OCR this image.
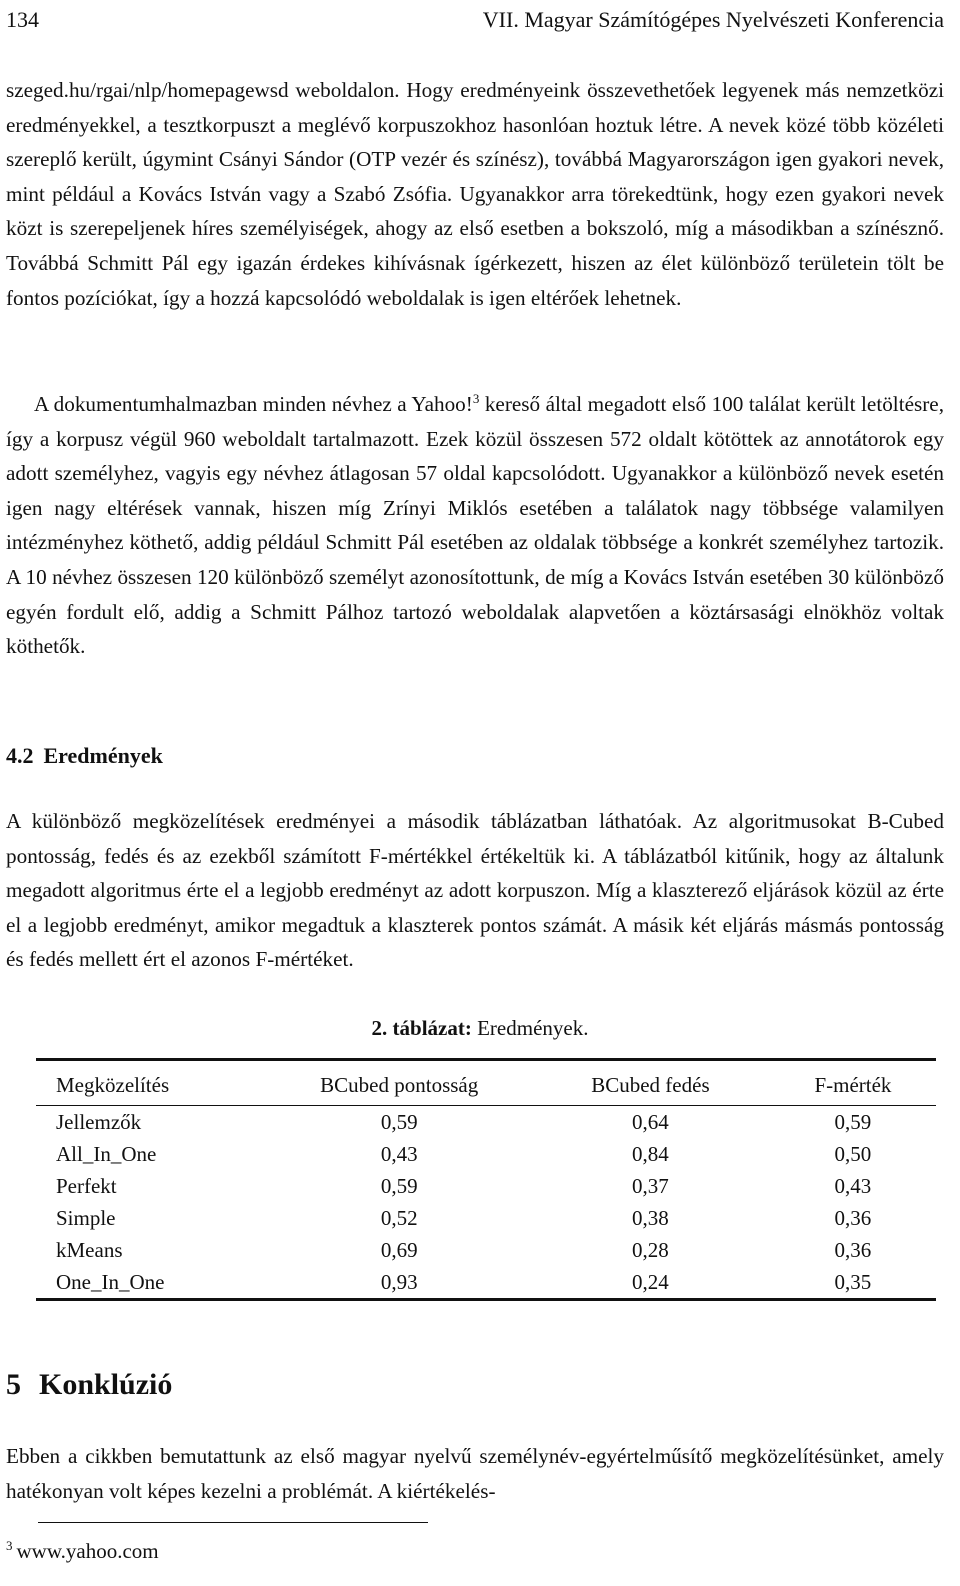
134	VII. Magyar Számítógépes Nyelvészeti Konferencia

szeged.hu/rgai/nlp/homepagewsd weboldalon. Hogy eredményeink összevethetőek legyenek más nemzetközi eredményekkel, a tesztkorpuszt a meglévő korpuszokhoz hasonlóan hoztuk létre. A nevek közé több közéleti szereplő került, úgymint Csányi Sándor (OTP vezér és színész), továbbá Magyarországon igen gyakori nevek, mint például a Kovács István vagy a Szabó Zsófia. Ugyanakkor arra törekedtünk, hogy ezen gyakori nevek közt is szerepeljenek híres személyiségek, ahogy az első esetben a bokszoló, míg a másodikban a színésznő. Továbbá Schmitt Pál egy igazán érdekes kihívásnak ígérkezett, hiszen az élet különböző területein tölt be fontos pozíciókat, így a hozzá kapcsolódó weboldalak is igen eltérőek lehetnek.

A dokumentumhalmazban minden névhez a Yahoo!$^3$ kereső által megadott első 100 találat került letöltésre, így a korpusz végül 960 weboldalt tartalmazott. Ezek közül összesen 572 oldalt kötöttek az annotátorok egy adott személyhez, vagyis egy névhez átlagosan 57 oldal kapcsolódott. Ugyanakkor a különböző nevek esetén igen nagy eltérések vannak, hiszen míg Zrínyi Miklós esetében a találatok nagy többsége valamilyen intézményhez köthető, addig például Schmitt Pál esetében az oldalak többsége a konkrét személyhez tartozik. A 10 névhez összesen 120 különböző személyt azonosítottunk, de míg a Kovács István esetében 30 különböző egyén fordult elő, addig a Schmitt Pálhoz tartozó weboldalak alapvetően a köztársasági elnökhöz voltak köthetők.

4.2 Eredmények

A különböző megközelítések eredményei a második táblázatban láthatóak. Az algoritmusokat B-Cubed pontosság, fedés és az ezekből számított F-mértékkel értékeltük ki. A táblázatból kitűnik, hogy az általunk megadott algoritmus érte el a legjobb eredményt az adott korpuszon. Míg a klaszterező eljárások közül az érte el a legjobb eredményt, amikor megadtuk a klaszterek pontos számát. A másik két eljárás másmás pontosság és fedés mellett ért el azonos F-mértéket.

2. táblázat: Eredmények.
Megközelítés	BCubed pontosság	BCubed fedés	F-mérték
Jellemzők	0,59	0,64	0,59
All_In_One	0,43	0,84	0,50
Perfekt	0,59	0,37	0,43
Simple	0,52	0,38	0,36
kMeans	0,69	0,28	0,36
One_In_One	0,93	0,24	0,35
5 Konklúzió

Ebben a cikkben bemutattunk az első magyar nyelvű személynév-egyértelműsítő megközelítésünket, amely hatékonyan volt képes kezelni a problémát. A kiértékelés-

$^3$ www.yahoo.com
